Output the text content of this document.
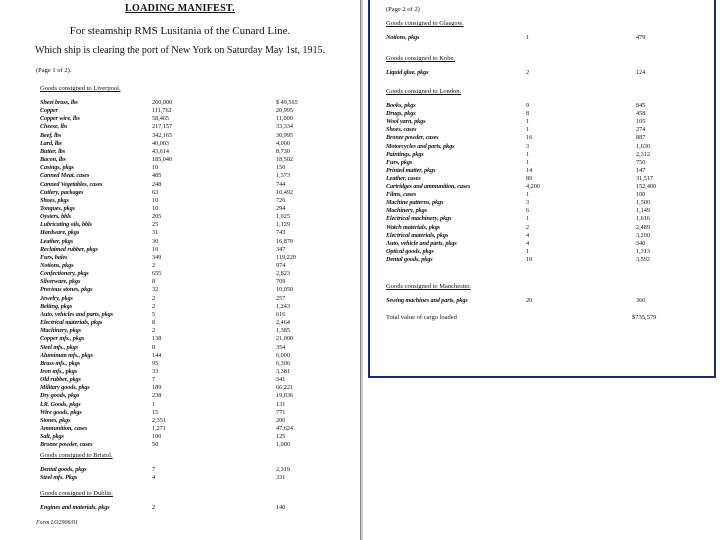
LOADING MANIFEST.
For steamship RMS Lusitania of the Cunard Line.
Which ship is clearing the port of New York on Saturday May 1st, 1915.
(Page 1 of 2).
Goods consigned to Liverpool.
Sheet brass, lbs	260,000	$ 49,565
Copper	111,762	20,995
Copper wire, lbs	58,465	11,000
Cheese, lbs	217,157	33,334
Beef, lbs	342,165	30,995
Lard, lbs	40,003	4,000
Butter, lbs	43,614	8,730
Bacon, lbs	185,040	18,502
Casings, pkgs	10	150
Canned Meat, cases	485	1,373
Canned Vegetables, cases	248	744
Cutlery, packages	63	10,492
Shoes, pkgs	10	726
Tongues, pkgs	10	294
Oysters, bbls	205	1,025
Lubricating oils, bbls	25	1,129
Hardware, pkgs	31	743
Leather, pkgs	30	16,870
Reclaimed rubber, pkgs	10	347
Furs, bales	349	119,220
Notions, pkgs	2	974
Confectionery, pkgs	655	2,823
Silverware, pkgs	8	709
Precious stones, pkgs	32	10,050
Jewelry, pkgs	2	257
Belting, pkgs	2	1,243
Auto, vehicles and parts, pkgs	5	616
Electrical materials, pkgs	8	2,464
Machinery, pkgs	2	1,385
Copper mfs., pkgs	138	21,000
Steel mfs., pkgs	8	354
Aluminum mfs., pkgs	144	6,000
Brass mfs., pkgs	95	6,306
Iron mfs., pkgs	33	3,381
Old rubber, pkgs	7	341
Military goods, pkgs	189	66,221
Dry goods, pkgs	238	19,036
I.R. Goods, pkgs	1	131
Wire goods, pkgs	15	771
Stones, pkgs	2,351	200
Ammunition, cases	1,271	47,624
Salt, pkgs	100	125
Bronze powder, cases	50	1,000
Goods consigned to Bristol.
Dental goods, pkgs	7	2,319
Steel mfs. Pkgs	4	331
Goods consigned to Dublin.
Engines and materials, pkgs	2	140
Form LO2906/01
(Page 2 of 2)
Goods consigned to Glasgow.
Notions, pkgs	1	479
Goods consigned to Kobe.
Liquid glue, pkgs	2	124
Goods consigned to London.
Books, pkgs	9	845
Drugs, pkgs	8	458
Wool yarn, pkgs	1	105
Shoes, cases	1	274
Bronze powder, cases	16	887
Motorcycles and parts, pkgs	3	1,630
Paintings, pkgs	1	2,312
Furs, pkgs	1	750
Printed matter, pkgs	14	147
Leather, cases	89	31,517
Cartridges and ammunition, cases	4,200	152,400
Films, cases	1	100
Machine patterns, pkgs	3	1,500
Machinery, pkgs	6	1,149
Electrical machinery, pkgs	1	1,616
Watch materials, pkgs	2	2,489
Electrical materials, pkgs	4	3,200
Auto, vehicle and parts, pkgs	4	340
Optical goods, pkgs	1	1,313
Dental goods, pkgs	10	3,592
Goods consigned to Manchester.
Sewing machines and parts, pkgs	20	360
Total value of cargo loaded	$735,579
